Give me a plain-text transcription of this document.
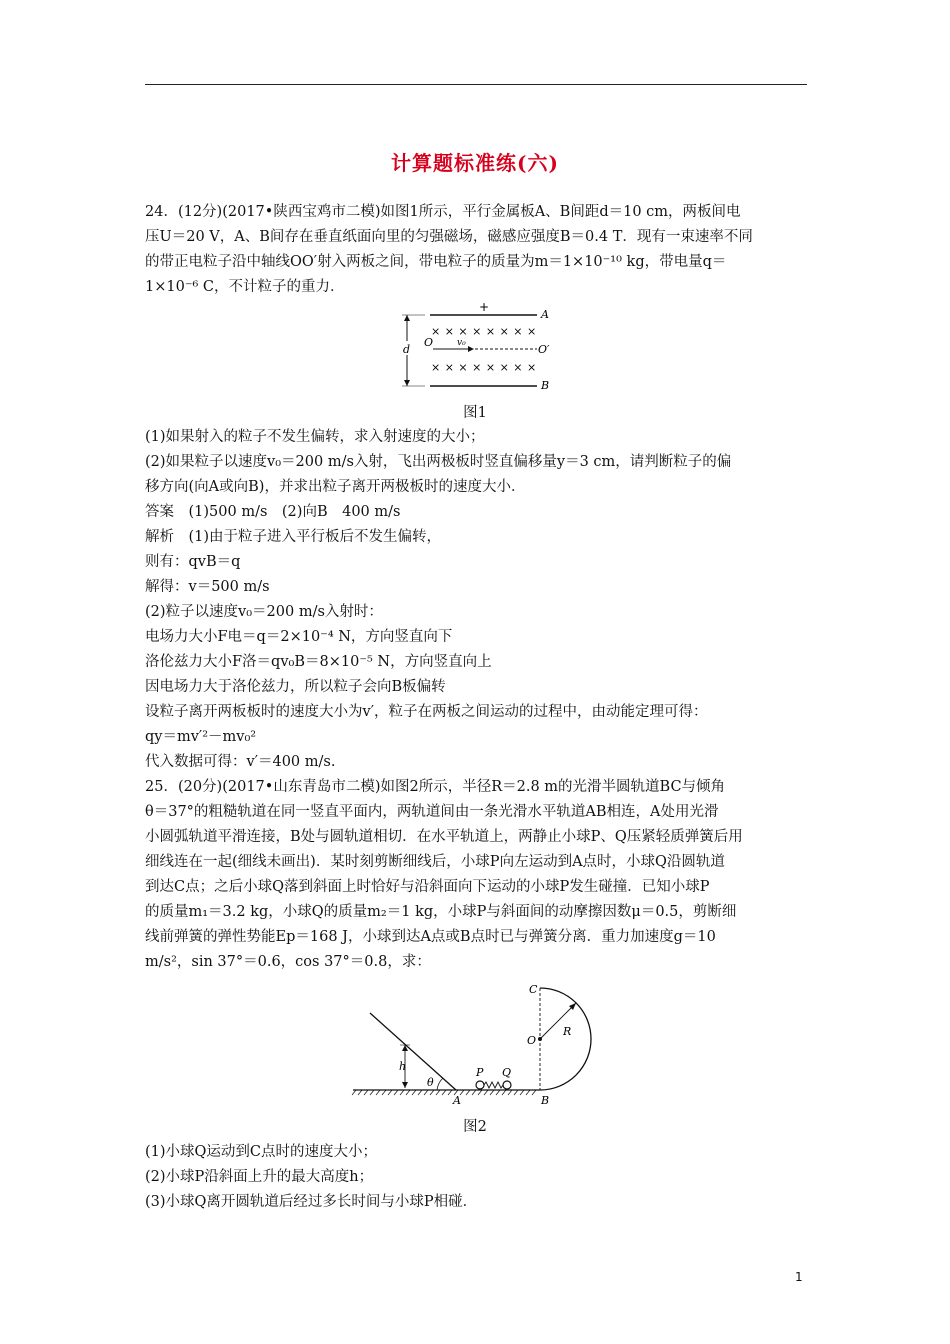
计算题标准练(六)
24．(12分)(2017•陕西宝鸡市二模)如图1所示，平行金属板A、B间距d＝10 cm，两板间电
压U＝20 V，A、B间存在垂直纸面向里的匀强磁场，磁感应强度B＝0.4 T．现有一束速率不同
的带正电粒子沿中轴线OO′射入两板之间，带电粒子的质量为m＝1×10⁻¹⁰ kg，带电量q＝
1×10⁻⁶ C，不计粒子的重力．
+
A
B
× × × × × × × ×
× × × × × × × ×
O
O′
v₀
d
图1
(1)如果射入的粒子不发生偏转，求入射速度的大小；
(2)如果粒子以速度v₀＝200 m/s入射，飞出两极板时竖直偏移量y＝3 cm，请判断粒子的偏
移方向(向A或向B)，并求出粒子离开两极板时的速度大小．
答案　(1)500 m/s　(2)向B　400 m/s
解析　(1)由于粒子进入平行板后不发生偏转，
则有：qvB＝q
解得：v＝500 m/s
(2)粒子以速度v₀＝200 m/s入射时：
电场力大小F电＝q＝2×10⁻⁴ N，方向竖直向下
洛伦兹力大小F洛＝qv₀B＝8×10⁻⁵ N，方向竖直向上
因电场力大于洛伦兹力，所以粒子会向B板偏转
设粒子离开两板板时的速度大小为v′，粒子在两板之间运动的过程中，由动能定理可得：
qy＝mv′²－mv₀²
代入数据可得：v′＝400 m/s.
25．(20分)(2017•山东青岛市二模)如图2所示，半径R＝2.8 m的光滑半圆轨道BC与倾角
θ＝37°的粗糙轨道在同一竖直平面内，两轨道间由一条光滑水平轨道AB相连，A处用光滑
小圆弧轨道平滑连接，B处与圆轨道相切．在水平轨道上，两静止小球P、Q压紧轻质弹簧后用
细线连在一起(细线未画出)．某时刻剪断细线后，小球P向左运动到A点时，小球Q沿圆轨道
到达C点；之后小球Q落到斜面上时恰好与沿斜面向下运动的小球P发生碰撞．已知小球P
的质量m₁＝3.2 kg，小球Q的质量m₂＝1 kg，小球P与斜面间的动摩擦因数μ＝0.5，剪断细
线前弹簧的弹性势能Ep＝168 J，小球到达A点或B点时已与弹簧分离．重力加速度g＝10
m/s²，sin 37°＝0.6，cos 37°＝0.8，求：
θ
h
A
P Q
C
O
R
B
图2
(1)小球Q运动到C点时的速度大小；
(2)小球P沿斜面上升的最大高度h；
(3)小球Q离开圆轨道后经过多长时间与小球P相碰．
1
